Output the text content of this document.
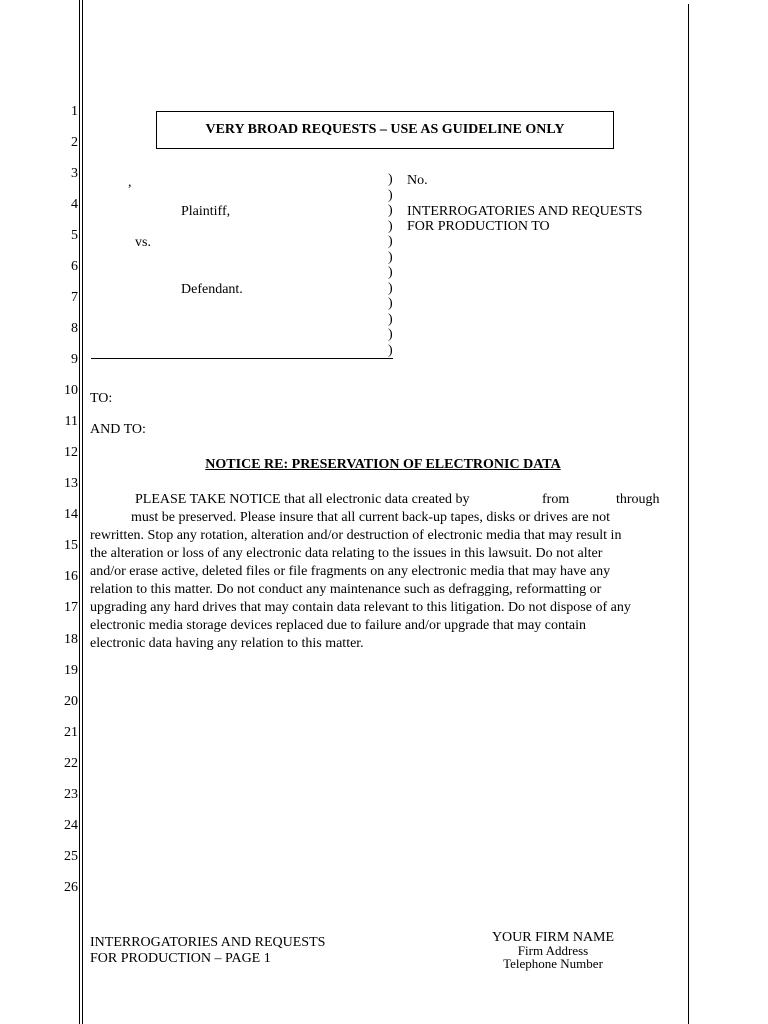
1
2
3
4
5
6
7
8
9
10
11
12
13
14
15
16
17
18
19
20
21
22
23
24
25
26
VERY BROAD REQUESTS – USE AS GUIDELINE ONLY
,
Plaintiff,
vs.
Defendant.
)
)
)
)
)
)
)
)
)
)
)
)
No.
INTERROGATORIES AND REQUESTS
FOR PRODUCTION TO
TO:
AND TO:
NOTICE RE: PRESERVATION OF ELECTRONIC DATA
PLEASE TAKE NOTICE that all electronic data created by	from	through
must be preserved. Please insure that all current back-up tapes, disks or drives are not
rewritten. Stop any rotation, alteration and/or destruction of electronic media that may result in
the alteration or loss of any electronic data relating to the issues in this lawsuit. Do not alter
and/or erase active, deleted files or file fragments on any electronic media that may have any
relation to this matter. Do not conduct any maintenance such as defragging, reformatting or
upgrading any hard drives that may contain data relevant to this litigation. Do not dispose of any
electronic media storage devices replaced due to failure and/or upgrade that may contain
electronic data having any relation to this matter.
INTERROGATORIES AND REQUESTS
FOR PRODUCTION – PAGE 1
YOUR FIRM NAME
Firm Address
Telephone Number
